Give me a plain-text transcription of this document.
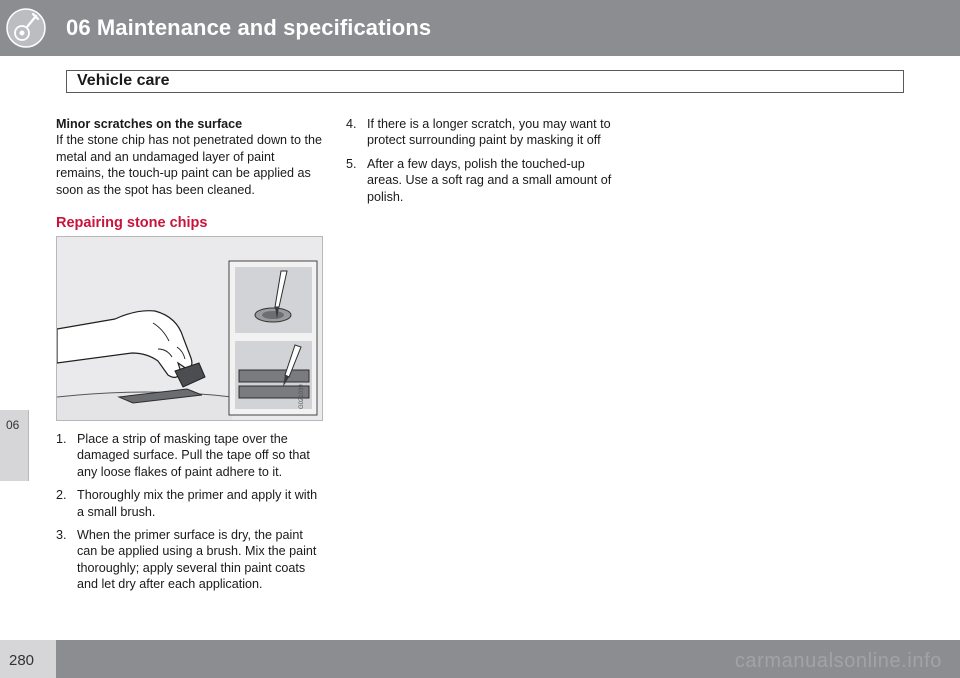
06 Maintenance and specifications
Vehicle care
06
Minor scratches on the surface
If the stone chip has not penetrated down to the metal and an undamaged layer of paint remains, the touch-up paint can be applied as soon as the spot has been cleaned.
Repairing stone chips
G021039
1. Place a strip of masking tape over the damaged surface. Pull the tape off so that any loose flakes of paint adhere to it.
2. Thoroughly mix the primer and apply it with a small brush.
3. When the primer surface is dry, the paint can be applied using a brush. Mix the paint thoroughly; apply several thin paint coats and let dry after each application.
4. If there is a longer scratch, you may want to protect surrounding paint by masking it off
5. After a few days, polish the touched-up areas. Use a soft rag and a small amount of polish.
280	carmanualsonline.info
